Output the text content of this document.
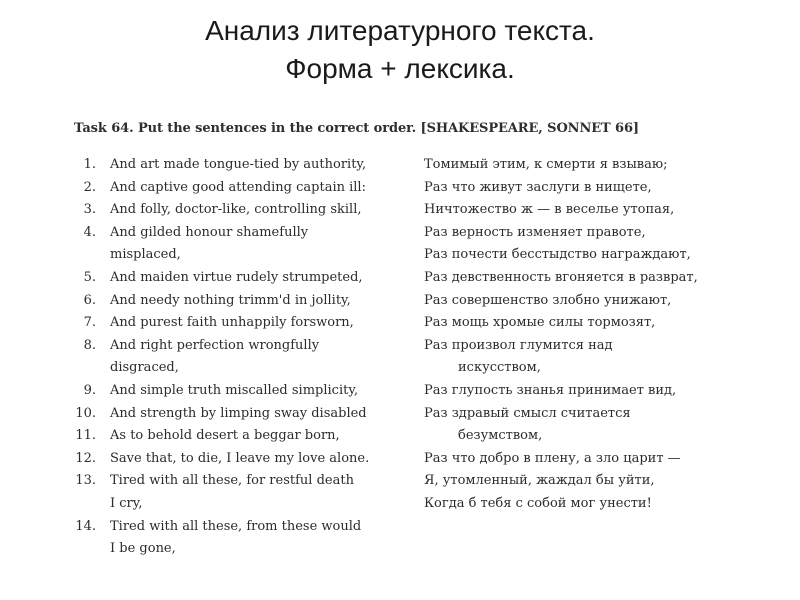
Анализ литературного текста.
Форма + лексика.
Task 64. Put the sentences in the correct order. [SHAKESPEARE, SONNET 66]
1. And art made tongue-tied by authority,
2. And captive good attending captain ill:
3. And folly, doctor-like, controlling skill,
4. And gilded honour shamefully
misplaced,
5. And maiden virtue rudely strumpeted,
6. And needy nothing trimm'd in jollity,
7. And purest faith unhappily forsworn,
8. And right perfection wrongfully
disgraced,
9. And simple truth miscalled simplicity,
10. And strength by limping sway disabled
11. As to behold desert a beggar born,
12. Save that, to die, I leave my love alone.
13. Tired with all these, for restful death
I cry,
14. Tired with all these, from these would
I be gone,
Томимый этим, к смерти я взываю;
Раз что живут заслуги в нищете,
Ничтожество ж — в веселье утопая,
Раз верность изменяет правоте,
Раз почести бесстыдство награждают,
Раз девственность вгоняется в разврат,
Раз совершенство злобно унижают,
Раз мощь хромые силы тормозят,
Раз произвол глумится над
искусством,
Раз глупость знанья принимает вид,
Раз здравый смысл считается
безумством,
Раз что добро в плену, а зло царит —
Я, утомленный, жаждал бы уйти,
Когда б тебя с собой мог унести!
